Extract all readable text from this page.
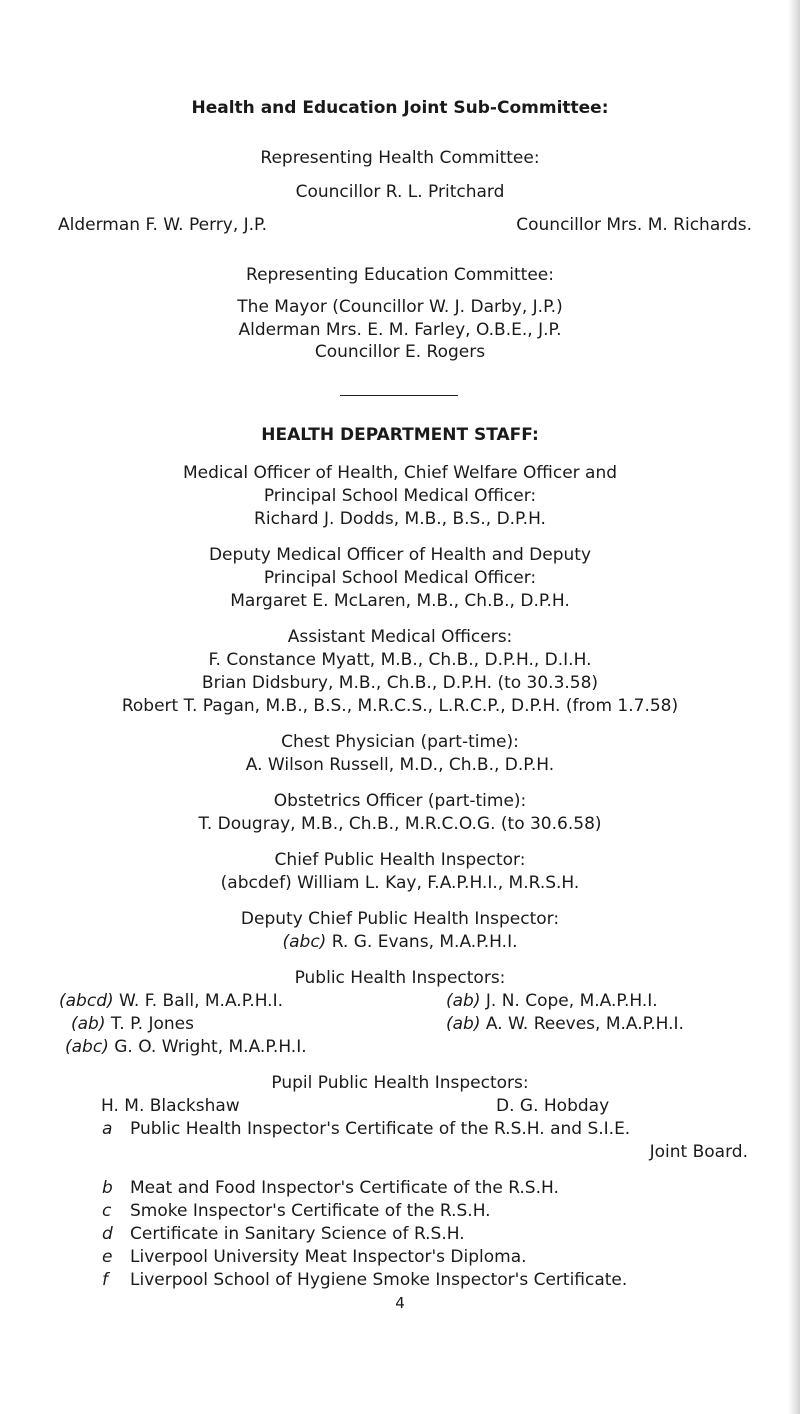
Health and Education Joint Sub-Committee:
Representing Health Committee:
Councillor R. L. Pritchard
Alderman F. W. Perry, J.P.	Councillor Mrs. M. Richards.
Representing Education Committee:
The Mayor (Councillor W. J. Darby, J.P.)
Alderman Mrs. E. M. Farley, O.B.E., J.P.
Councillor E. Rogers
HEALTH DEPARTMENT STAFF:
Medical Officer of Health, Chief Welfare Officer and
Principal School Medical Officer:
Richard J. Dodds, M.B., B.S., D.P.H.
Deputy Medical Officer of Health and Deputy
Principal School Medical Officer:
Margaret E. McLaren, M.B., Ch.B., D.P.H.
Assistant Medical Officers:
F. Constance Myatt, M.B., Ch.B., D.P.H., D.I.H.
Brian Didsbury, M.B., Ch.B., D.P.H. (to 30.3.58)
Robert T. Pagan, M.B., B.S., M.R.C.S., L.R.C.P., D.P.H. (from 1.7.58)
Chest Physician (part-time):
A. Wilson Russell, M.D., Ch.B., D.P.H.
Obstetrics Officer (part-time):
T. Dougray, M.B., Ch.B., M.R.C.O.G. (to 30.6.58)
Chief Public Health Inspector:
(abcdef) William L. Kay, F.A.P.H.I., M.R.S.H.
Deputy Chief Public Health Inspector:
(abc) R. G. Evans, M.A.P.H.I.
Public Health Inspectors:
(abcd) W. F. Ball, M.A.P.H.I.	(ab) J. N. Cope, M.A.P.H.I.
(ab) T. P. Jones	(ab) A. W. Reeves, M.A.P.H.I.
(abc) G. O. Wright, M.A.P.H.I.
Pupil Public Health Inspectors:
H. M. Blackshaw	D. G. Hobday
a Public Health Inspector's Certificate of the R.S.H. and S.I.E.
Joint Board.
b Meat and Food Inspector's Certificate of the R.S.H.
c Smoke Inspector's Certificate of the R.S.H.
d Certificate in Sanitary Science of R.S.H.
e Liverpool University Meat Inspector's Diploma.
f Liverpool School of Hygiene Smoke Inspector's Certificate.
4
